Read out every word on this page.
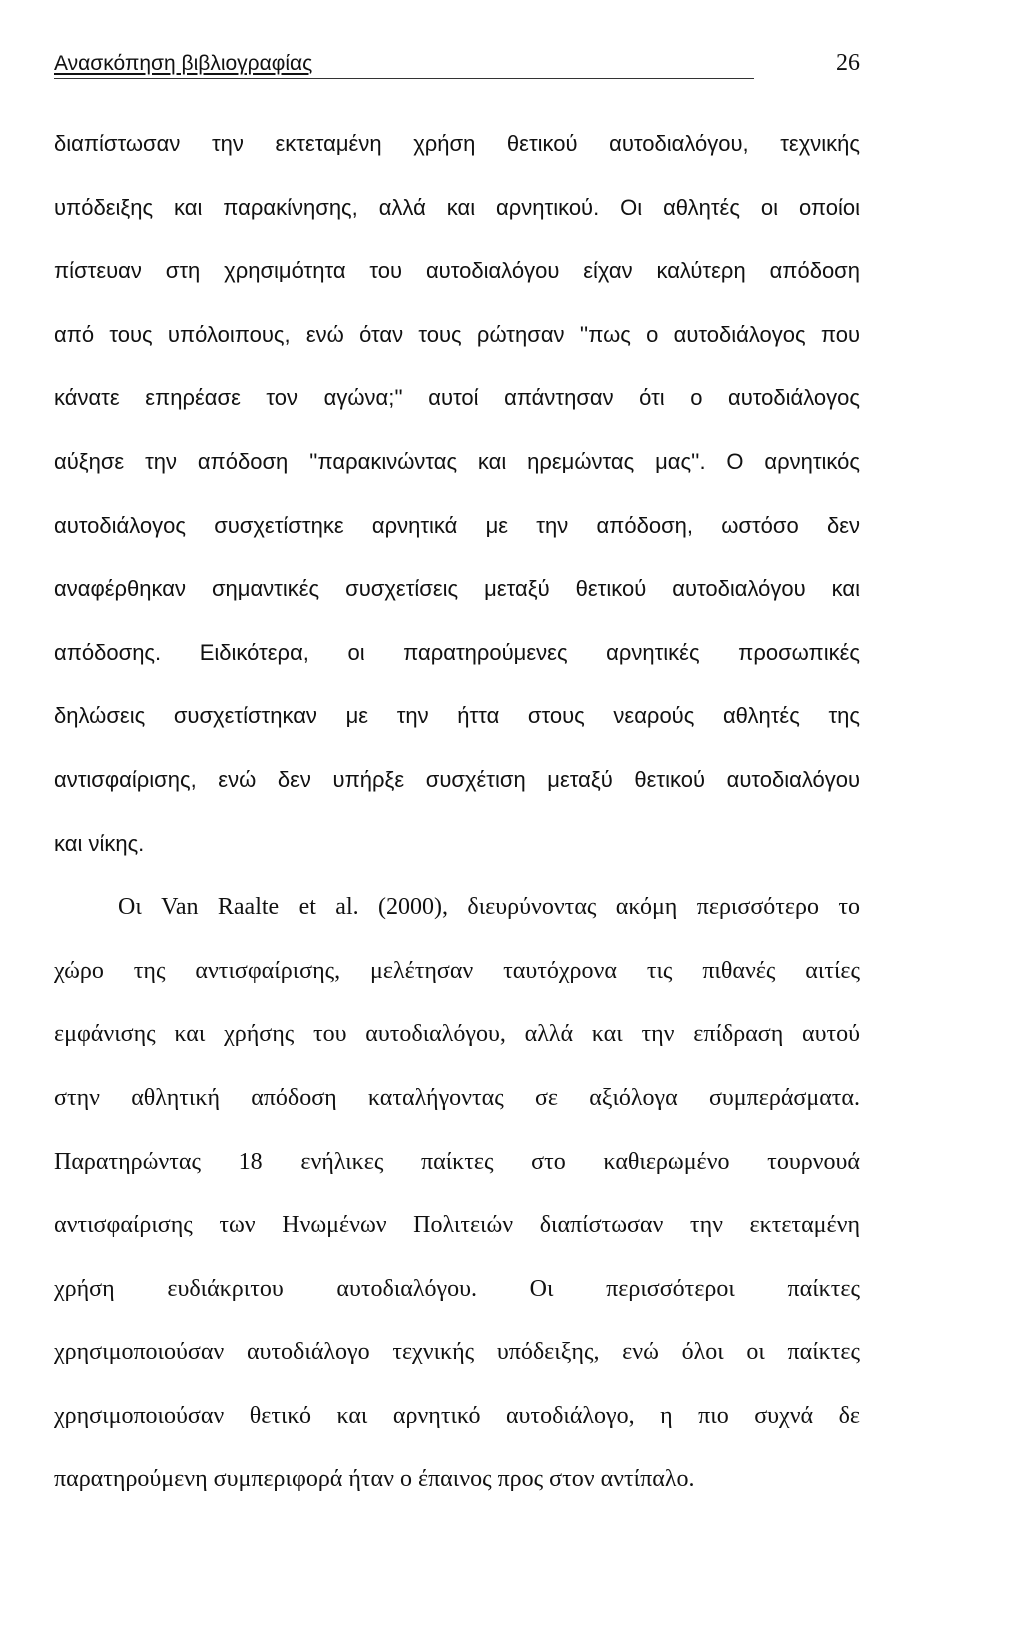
Ανασκόπηση βιβλιογραφίας	26
διαπίστωσαν την εκτεταμένη χρήση θετικού αυτοδιαλόγου, τεχνικής
υπόδειξης και παρακίνησης, αλλά και αρνητικού. Οι αθλητές οι οποίοι
πίστευαν στη χρησιμότητα του αυτοδιαλόγου είχαν καλύτερη απόδοση
από τους υπόλοιπους, ενώ όταν τους ρώτησαν ''πως ο αυτοδιάλογος που
κάνατε επηρέασε τον αγώνα;'' αυτοί απάντησαν ότι ο αυτοδιάλογος
αύξησε την απόδοση ''παρακινώντας και ηρεμώντας μας''. Ο αρνητικός
αυτοδιάλογος συσχετίστηκε αρνητικά με την απόδοση, ωστόσο δεν
αναφέρθηκαν σημαντικές συσχετίσεις μεταξύ θετικού αυτοδιαλόγου και
απόδοσης. Ειδικότερα, οι παρατηρούμενες αρνητικές προσωπικές
δηλώσεις συσχετίστηκαν με την ήττα στους νεαρούς αθλητές της
αντισφαίρισης, ενώ δεν υπήρξε συσχέτιση μεταξύ θετικού αυτοδιαλόγου
και νίκης.
Οι Van Raalte et al. (2000), διευρύνοντας ακόμη περισσότερο το
χώρο της αντισφαίρισης, μελέτησαν ταυτόχρονα τις πιθανές αιτίες
εμφάνισης και χρήσης του αυτοδιαλόγου, αλλά και την επίδραση αυτού
στην αθλητική απόδοση καταλήγοντας σε αξιόλογα συμπεράσματα.
Παρατηρώντας 18 ενήλικες παίκτες στο καθιερωμένο τουρνουά
αντισφαίρισης των Ηνωμένων Πολιτειών διαπίστωσαν την εκτεταμένη
χρήση ευδιάκριτου αυτοδιαλόγου. Οι περισσότεροι παίκτες
χρησιμοποιούσαν αυτοδιάλογο τεχνικής υπόδειξης, ενώ όλοι οι παίκτες
χρησιμοποιούσαν θετικό και αρνητικό αυτοδιάλογο, η πιο συχνά δε
παρατηρούμενη συμπεριφορά ήταν ο έπαινος προς στον αντίπαλο.
